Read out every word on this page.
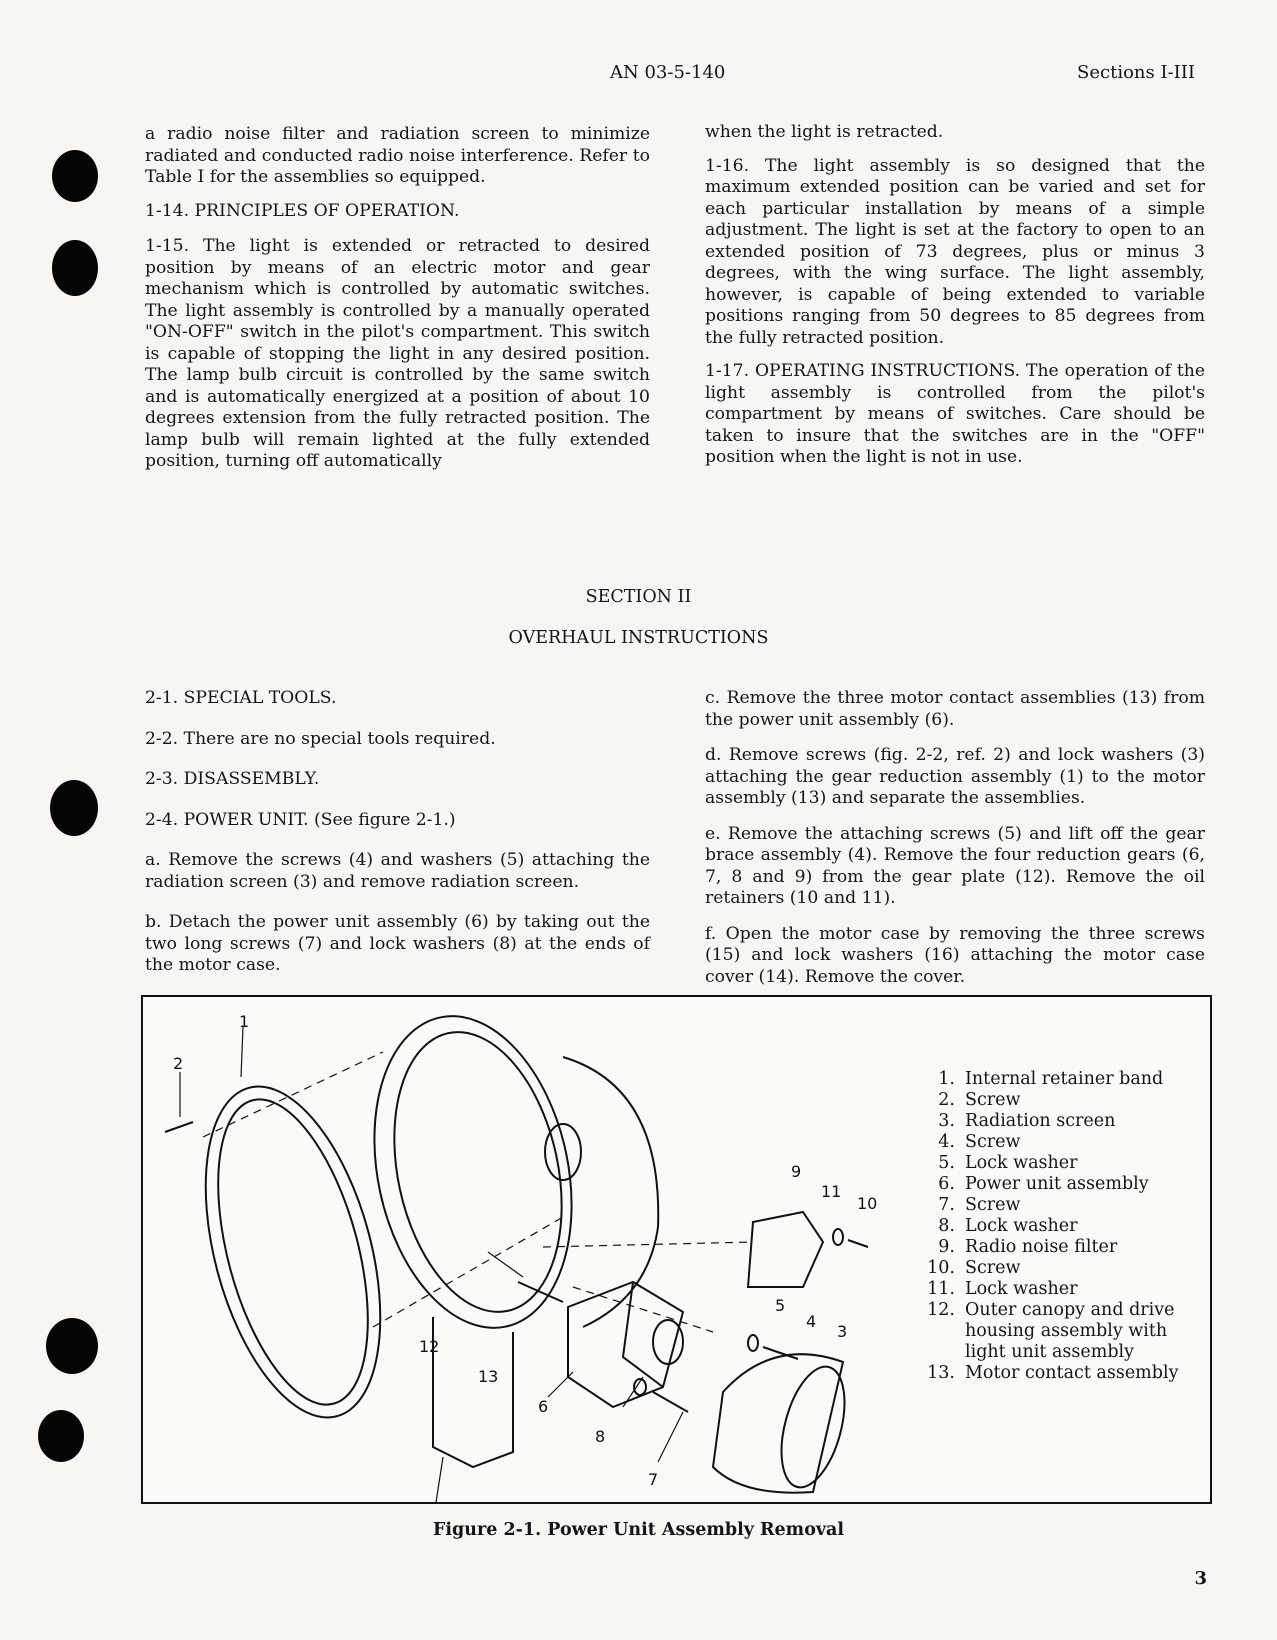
AN 03-5-140	Sections I-III

a radio noise filter and radiation screen to minimize radiated and conducted radio noise interference. Refer to Table I for the assemblies so equipped.

1-14. PRINCIPLES OF OPERATION.

1-15. The light is extended or retracted to desired position by means of an electric motor and gear mechanism which is controlled by automatic switches. The light assembly is controlled by a manually operated "ON-OFF" switch in the pilot's compartment. This switch is capable of stopping the light in any desired position. The lamp bulb circuit is controlled by the same switch and is automatically energized at a position of about 10 degrees extension from the fully retracted position. The lamp bulb will remain lighted at the fully extended position, turning off automatically

when the light is retracted.

1-16. The light assembly is so designed that the maximum extended position can be varied and set for each particular installation by means of a simple adjustment. The light is set at the factory to open to an extended position of 73 degrees, plus or minus 3 degrees, with the wing surface. The light assembly, however, is capable of being extended to variable positions ranging from 50 degrees to 85 degrees from the fully retracted position.

1-17. OPERATING INSTRUCTIONS. The operation of the light assembly is controlled from the pilot's compartment by means of switches. Care should be taken to insure that the switches are in the "OFF" position when the light is not in use.

SECTION II
OVERHAUL INSTRUCTIONS

2-1. SPECIAL TOOLS.

2-2. There are no special tools required.

2-3. DISASSEMBLY.

2-4. POWER UNIT. (See figure 2-1.)

a. Remove the screws (4) and washers (5) attaching the radiation screen (3) and remove radiation screen.

b. Detach the power unit assembly (6) by taking out the two long screws (7) and lock washers (8) at the ends of the motor case.

c. Remove the three motor contact assemblies (13) from the power unit assembly (6).

d. Remove screws (fig. 2-2, ref. 2) and lock washers (3) attaching the gear reduction assembly (1) to the motor assembly (13) and separate the assemblies.

e. Remove the attaching screws (5) and lift off the gear brace assembly (4). Remove the four reduction gears (6, 7, 8 and 9) from the gear plate (12). Remove the oil retainers (10 and 11).

f. Open the motor case by removing the three screws (15) and lock washers (16) attaching the motor case cover (14). Remove the cover.

1
2
3
4
5
6
7
8
9
10
11
12
13
1. Internal retainer band
2. Screw
3. Radiation screen
4. Screw
5. Lock washer
6. Power unit assembly
7. Screw
8. Lock washer
9. Radio noise filter
10. Screw
11. Lock washer
12. Outer canopy and drive housing assembly with light unit assembly
13. Motor contact assembly
Figure 2-1. Power Unit Assembly Removal
3
